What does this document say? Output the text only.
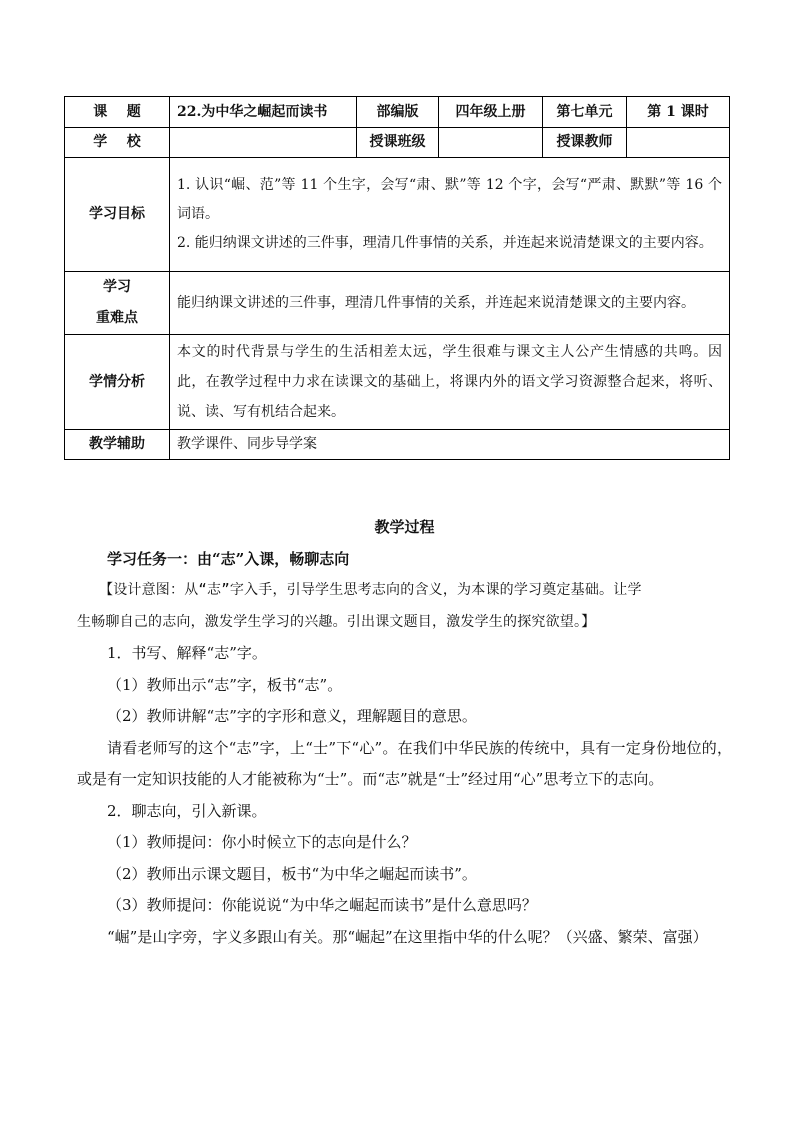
课    题	22.为中华之崛起而读书	部编版	四年级上册	第七单元	第 1 课时
学    校		授课班级		授课教师	
学习目标	1. 认识“崛、范”等 11 个生字，会写“肃、默”等 12 个字，会写“严肃、默默”等 16 个词语。

2. 能归纳课文讲述的三件事，理清几件事情的关系，并连起来说清楚课文的主要内容。				

学习
重难点	能归纳课文讲述的三件事，理清几件事情的关系，并连起来说清楚课文的主要内容。				
学情分析	本文的时代背景与学生的生活相差太远，学生很难与课文主人公产生情感的共鸣。因此，在教学过程中力求在读课文的基础上，将课内外的语文学习资源整合起来，将听、说、读、写有机结合起来。				
教学辅助	教学课件、同步导学案				

教学过程

学习任务一：由“志”入课，畅聊志向

【设计意图：从“志”字入手，引导学生思考志向的含义，为本课的学习奠定基础。让学

生畅聊自己的志向，激发学生学习的兴趣。引出课文题目，激发学生的探究欲望。】

1．书写、解释“志”字。

（1）教师出示“志”字，板书“志”。

（2）教师讲解“志”字的字形和意义，理解题目的意思。

请看老师写的这个“志”字，上“士”下“心”。在我们中华民族的传统中，具有一定身份地位的，或是有一定知识技能的人才能被称为“士”。而“志”就是“士”经过用“心”思考立下的志向。

2．聊志向，引入新课。

（1）教师提问：你小时候立下的志向是什么？

（2）教师出示课文题目，板书“为中华之崛起而读书”。

（3）教师提问：你能说说“为中华之崛起而读书”是什么意思吗？

“崛”是山字旁，字义多跟山有关。那“崛起”在这里指中华的什么呢？（兴盛、繁荣、富强）
